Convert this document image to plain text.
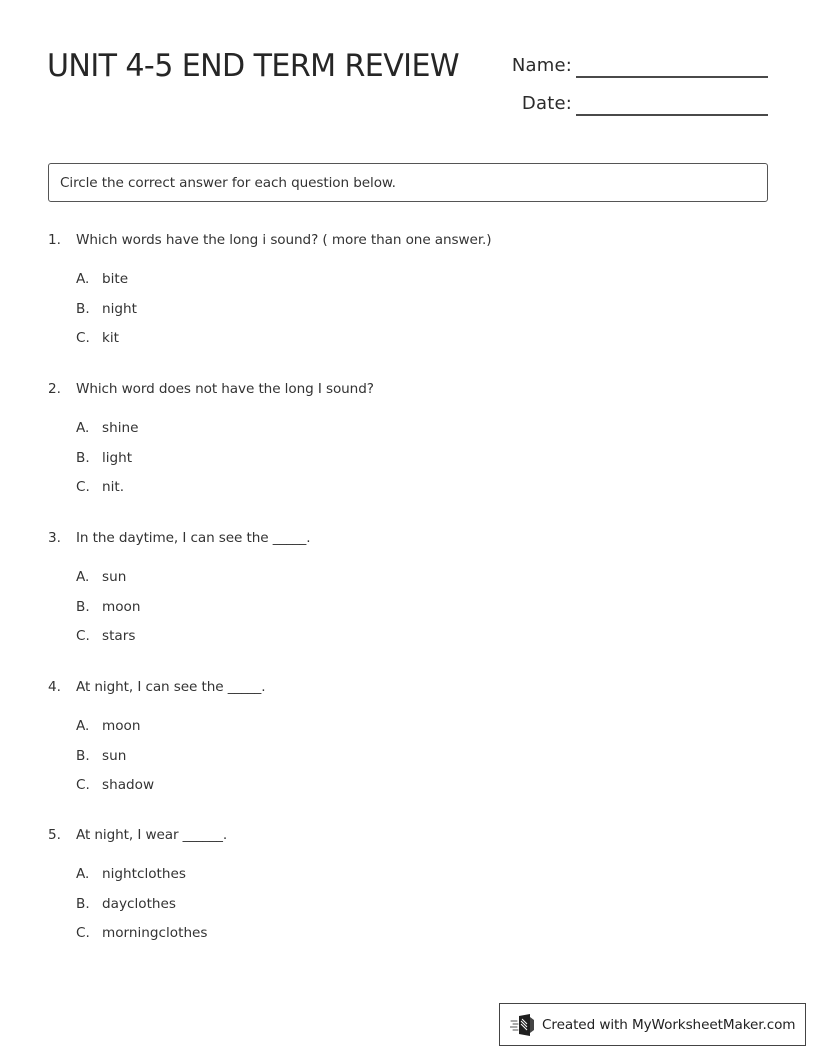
UNIT 4-5 END TERM REVIEW	Name:
Date:
Circle the correct answer for each question below.
1. Which words have the long i sound? ( more than one answer.)
A. bite
B. night
C. kit
2. Which word does not have the long I sound?
A. shine
B. light
C. nit.
3. In the daytime, I can see the _____.
A. sun
B. moon
C. stars
4. At night, I can see the _____.
A. moon
B. sun
C. shadow
5. At night, I wear ______.
A. nightclothes
B. dayclothes
C. morningclothes
Created with MyWorksheetMaker.com
